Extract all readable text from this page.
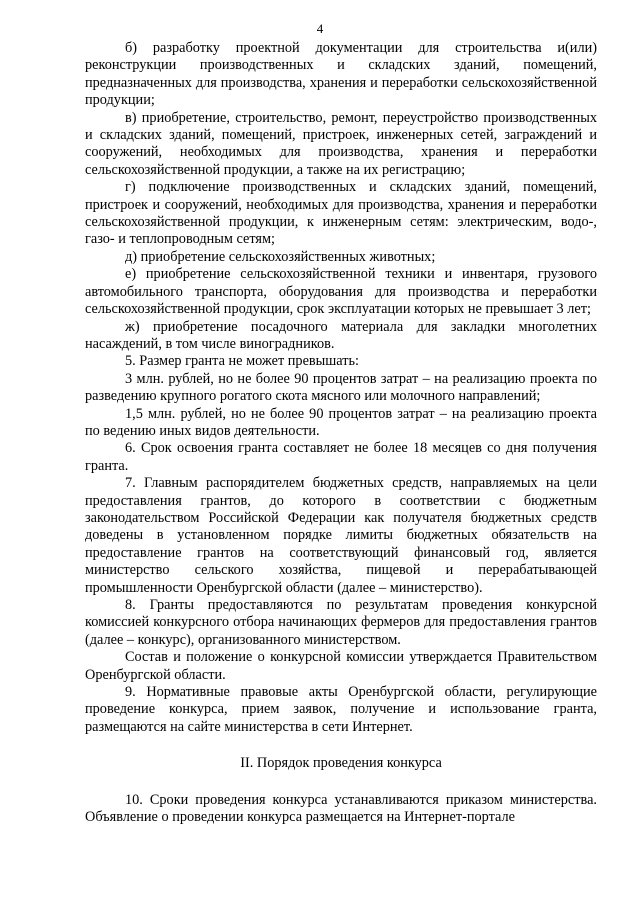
4

б) разработку проектной документации для строительства и(или) реконструкции производственных и складских зданий, помещений, предназначенных для производства, хранения и переработки сельскохозяйственной продукции;

в) приобретение, строительство, ремонт, переустройство производственных и складских зданий, помещений, пристроек, инженерных сетей, заграждений и сооружений, необходимых для производства, хранения и переработки сельскохозяйственной продукции, а также на их регистрацию;

г) подключение производственных и складских зданий, помещений, пристроек и сооружений, необходимых для производства, хранения и переработки сельскохозяйственной продукции, к инженерным сетям: электрическим, водо-, газо- и теплопроводным сетям;

д) приобретение сельскохозяйственных животных;

е) приобретение сельскохозяйственной техники и инвентаря, грузового автомобильного транспорта, оборудования для производства и переработки сельскохозяйственной продукции, срок эксплуатации которых не превышает 3 лет;

ж) приобретение посадочного материала для закладки многолетних насаждений, в том числе виноградников.

5. Размер гранта не может превышать:

3 млн. рублей, но не более 90 процентов затрат – на реализацию проекта по разведению крупного рогатого скота мясного или молочного направлений;

1,5 млн. рублей, но не более 90 процентов затрат – на реализацию проекта по ведению иных видов деятельности.

6. Срок освоения гранта составляет не более 18 месяцев со дня получения гранта.

7. Главным распорядителем бюджетных средств, направляемых на цели предоставления грантов, до которого в соответствии с бюджетным законодательством Российской Федерации как получателя бюджетных средств доведены в установленном порядке лимиты бюджетных обязательств на предоставление грантов на соответствующий финансовый год, является министерство сельского хозяйства, пищевой и перерабатывающей промышленности Оренбургской области (далее – министерство).

8. Гранты предоставляются по результатам проведения конкурсной комиссией конкурсного отбора начинающих фермеров для предоставления грантов (далее – конкурс), организованного министерством.

Состав и положение о конкурсной комиссии утверждается Правительством Оренбургской области.

9. Нормативные правовые акты Оренбургской области, регулирующие проведение конкурса, прием заявок, получение и использование гранта, размещаются на сайте министерства в сети Интернет.

II. Порядок проведения конкурса

10. Сроки проведения конкурса устанавливаются приказом министерства. Объявление о проведении конкурса размещается на Интернет-портале
